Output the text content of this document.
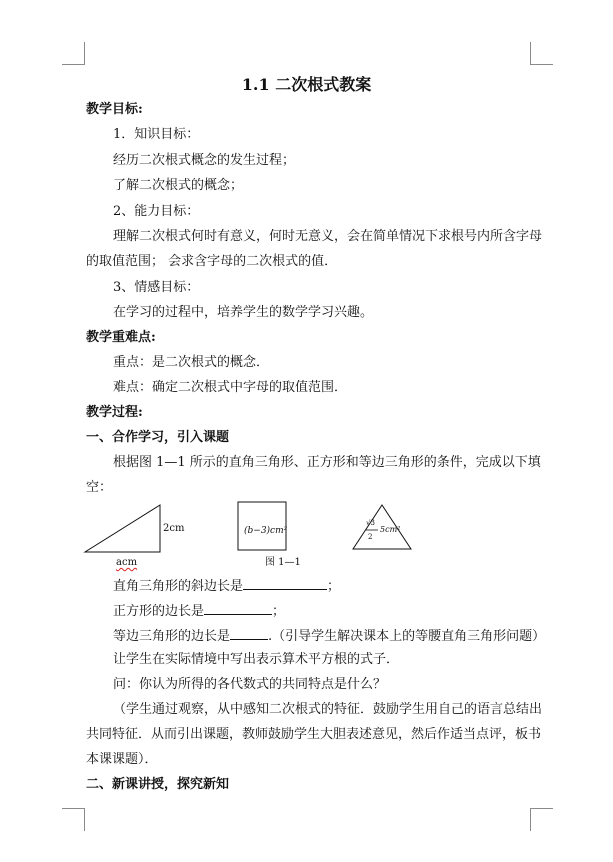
1.1 二次根式教案
教学目标:
1．知识目标：
经历二次根式概念的发生过程；
了解二次根式的概念；
2、能力目标：
理解二次根式何时有意义，何时无意义，会在简单情况下求根号内所含字母
的取值范围； 会求含字母的二次根式的值．
3、情感目标：
在学习的过程中，培养学生的数学学习兴趣。
教学重难点:
重点：是二次根式的概念．
难点：确定二次根式中字母的取值范围．
教学过程:
一、合作学习，引入课题
根据图 1—1 所示的直角三角形、正方形和等边三角形的条件，完成以下填
空：
2cm
acm
(b−3)cm²
√3
2
5cm²
图 1—1
直角三角形的斜边长是	；
正方形的边长是	；
等边三角形的边长是	.（引导学生解决课本上的等腰直角三角形问题）
让学生在实际情境中写出表示算术平方根的式子．
问：你认为所得的各代数式的共同特点是什么？
（学生通过观察，从中感知二次根式的特征．鼓励学生用自己的语言总结出
共同特征．从而引出课题，教师鼓励学生大胆表述意见，然后作适当点评，板书
本课课题）．
二、新课讲授，探究新知
